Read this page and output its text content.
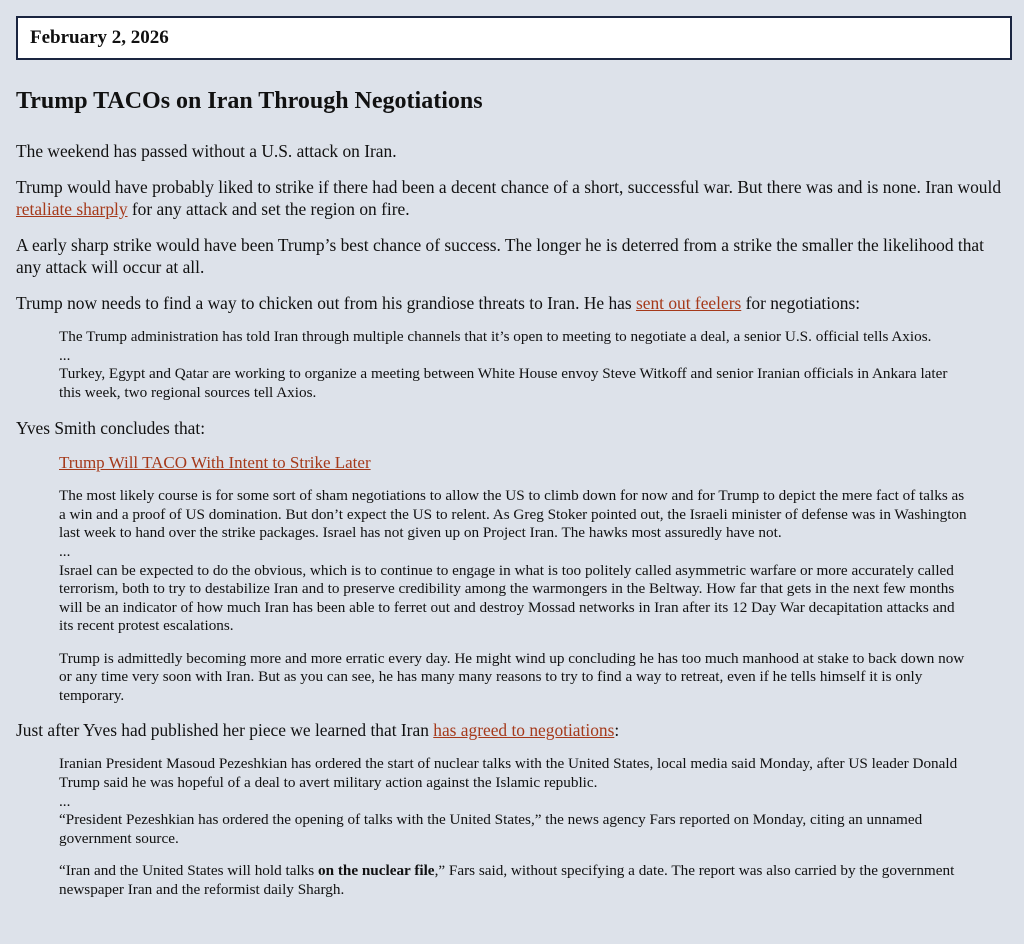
February 2, 2026
Trump TACOs on Iran Through Negotiations

The weekend has passed without a U.S. attack on Iran.

Trump would have probably liked to strike if there had been a decent chance of a short, successful war. But there was and is none. Iran would retaliate sharply for any attack and set the region on fire.

A early sharp strike would have been Trump’s best chance of success. The longer he is deterred from a strike the smaller the likelihood that any attack will occur at all.

Trump now needs to find a way to chicken out from his grandiose threats to Iran. He has sent out feelers for negotiations:

The Trump administration has told Iran through multiple channels that it’s open to meeting to negotiate a deal, a senior U.S. official tells Axios.

...

Turkey, Egypt and Qatar are working to organize a meeting between White House envoy Steve Witkoff and senior Iranian officials in Ankara later this week, two regional sources tell Axios.

Yves Smith concludes that:

Trump Will TACO With Intent to Strike Later

The most likely course is for some sort of sham negotiations to allow the US to climb down for now and for Trump to depict the mere fact of talks as a win and a proof of US domination. But don’t expect the US to relent. As Greg Stoker pointed out, the Israeli minister of defense was in Washington last week to hand over the strike packages. Israel has not given up on Project Iran. The hawks most assuredly have not.

...

Israel can be expected to do the obvious, which is to continue to engage in what is too politely called asymmetric warfare or more accurately called terrorism, both to try to destabilize Iran and to preserve credibility among the warmongers in the Beltway. How far that gets in the next few months will be an indicator of how much Iran has been able to ferret out and destroy Mossad networks in Iran after its 12 Day War decapitation attacks and its recent protest escalations.

Trump is admittedly becoming more and more erratic every day. He might wind up concluding he has too much manhood at stake to back down now or any time very soon with Iran. But as you can see, he has many many reasons to try to find a way to retreat, even if he tells himself it is only temporary.

Just after Yves had published her piece we learned that Iran has agreed to negotiations:

Iranian President Masoud Pezeshkian has ordered the start of nuclear talks with the United States, local media said Monday, after US leader Donald Trump said he was hopeful of a deal to avert military action against the Islamic republic.

...

“President Pezeshkian has ordered the opening of talks with the United States,” the news agency Fars reported on Monday, citing an unnamed government source.

“Iran and the United States will hold talks on the nuclear file,” Fars said, without specifying a date. The report was also carried by the government newspaper Iran and the reformist daily Shargh.
